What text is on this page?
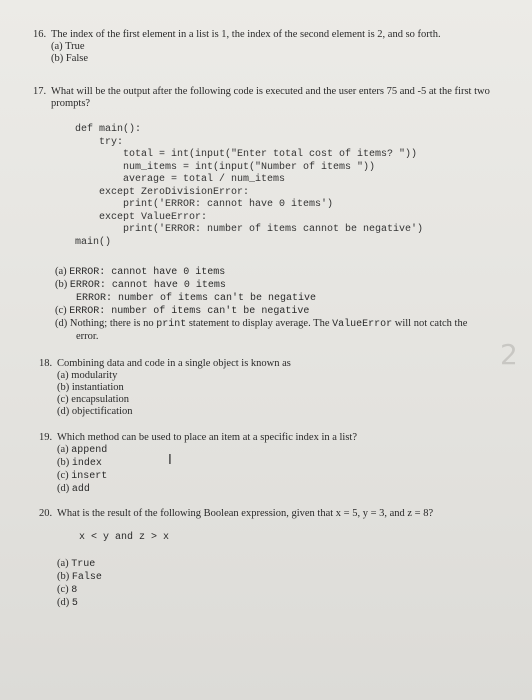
16. The index of the first element in a list is 1, the index of the second element is 2, and so forth.
(a) True
(b) False
17. What will be the output after the following code is executed and the user enters 75 and -5 at the first two
prompts?
def main():
try:
total = int(input("Enter total cost of items? "))
num_items = int(input("Number of items "))
average = total / num_items
except ZeroDivisionError:
print('ERROR: cannot have 0 items')
except ValueError:
print('ERROR: number of items cannot be negative')
main()
(a) ERROR: cannot have 0 items
(b) ERROR: cannot have 0 items
ERROR: number of items can't be negative
(c) ERROR: number of items can't be negative
(d) Nothing; there is no print statement to display average. The ValueError will not catch the
error.
18. Combining data and code in a single object is known as
(a) modularity
(b) instantiation
(c) encapsulation
(d) objectification
19. Which method can be used to place an item at a specific index in a list?
(a) append
(b) index
(c) insert
(d) add
I
20. What is the result of the following Boolean expression, given that x = 5, y = 3, and z = 8?
x < y and z > x
(a) True
(b) False
(c) 8
(d) 5
2
